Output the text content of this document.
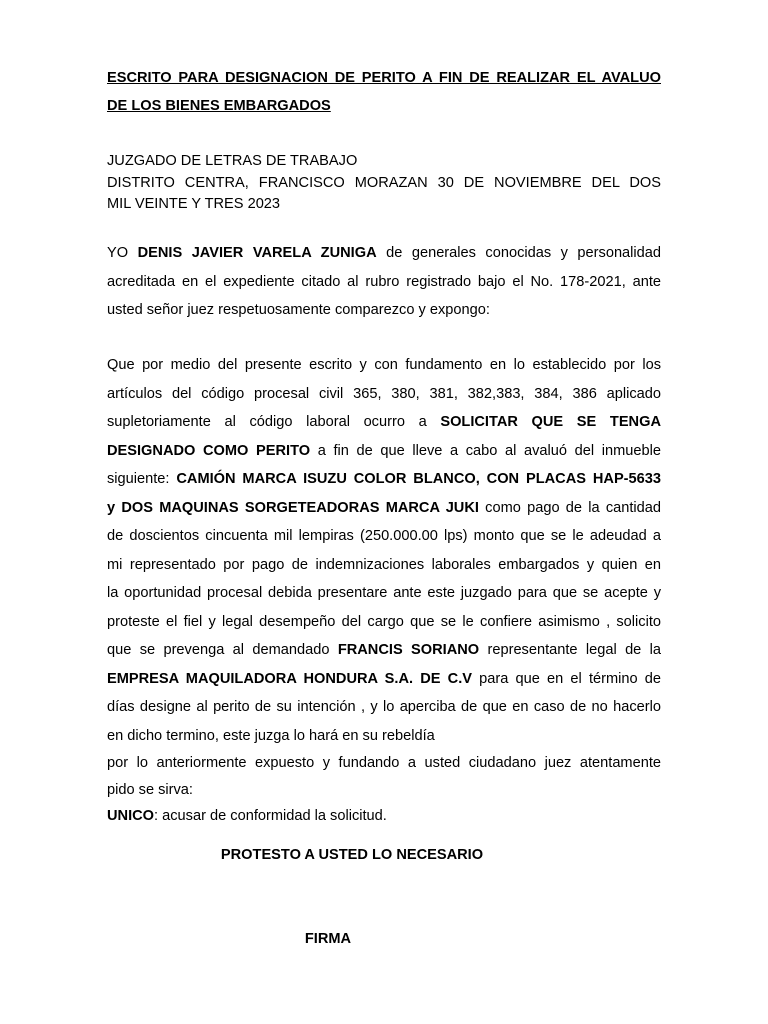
ESCRITO PARA DESIGNACION DE PERITO A FIN DE REALIZAR EL AVALUO

DE LOS BIENES EMBARGADOS

JUZGADO DE LETRAS DE TRABAJO
DISTRITO CENTRA, FRANCISCO MORAZAN 30 DE NOVIEMBRE DEL DOS
MIL VEINTE Y TRES 2023
YO DENIS JAVIER VARELA ZUNIGA de generales conocidas y personalidad
acreditada en el expediente citado al rubro registrado bajo el No. 178-2021, ante
usted señor juez respetuosamente comparezco y expongo:
Que por medio del presente escrito y con fundamento en lo establecido por los
artículos del código procesal civil 365, 380, 381, 382,383, 384, 386 aplicado
supletoriamente al código laboral ocurro a SOLICITAR QUE SE TENGA
DESIGNADO COMO PERITO a fin de que lleve a cabo al avaluó del inmueble
siguiente: CAMIÓN MARCA ISUZU COLOR BLANCO, CON PLACAS HAP-5633
y DOS MAQUINAS SORGETEADORAS MARCA JUKI como pago de la cantidad
de doscientos cincuenta mil lempiras (250.000.00 lps) monto que se le adeudad a
mi representado por pago de indemnizaciones laborales embargados y quien en
la oportunidad procesal debida presentare ante este juzgado para que se acepte y
proteste el fiel y legal desempeño del cargo que se le confiere asimismo , solicito
que se prevenga al demandado FRANCIS SORIANO representante legal de la
EMPRESA MAQUILADORA HONDURA S.A. DE C.V para que en el término de
días designe al perito de su intención , y lo aperciba de que en caso de no hacerlo
en dicho termino, este juzga lo hará en su rebeldía
por lo anteriormente expuesto y fundando a usted ciudadano juez atentamente
pido se sirva:
UNICO: acusar de conformidad la solicitud.

PROTESTO A USTED LO NECESARIO

FIRMA
